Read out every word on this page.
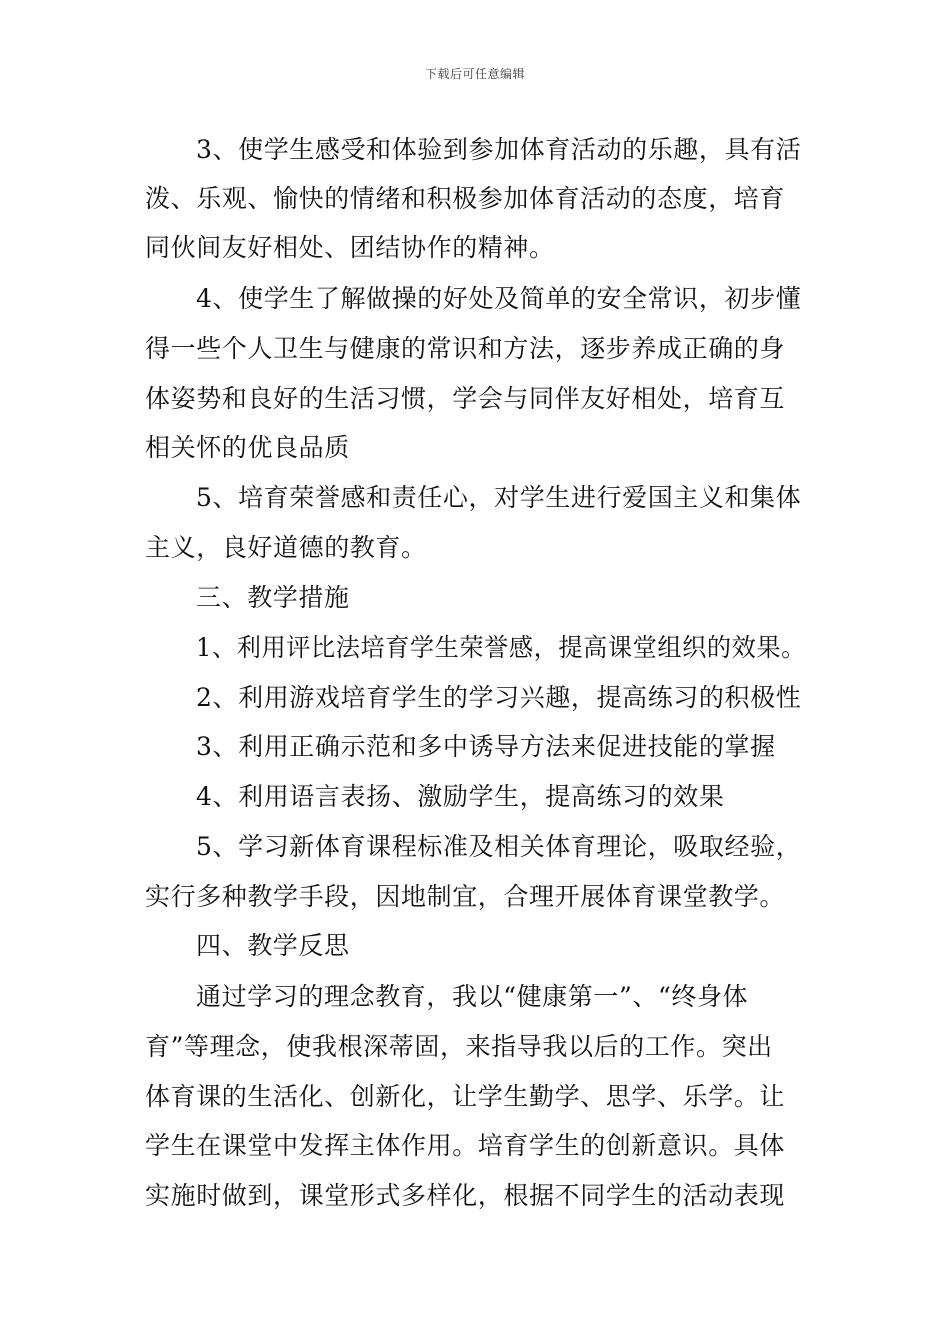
下载后可任意编辑
3、使学生感受和体验到参加体育活动的乐趣，具有活
泼、乐观、愉快的情绪和积极参加体育活动的态度，培育
同伙间友好相处、团结协作的精神。
4、使学生了解做操的好处及简单的安全常识，初步懂
得一些个人卫生与健康的常识和方法，逐步养成正确的身
体姿势和良好的生活习惯，学会与同伴友好相处，培育互
相关怀的优良品质
5、培育荣誉感和责任心，对学生进行爱国主义和集体
主义，良好道德的教育。
三、教学措施
1、利用评比法培育学生荣誉感，提高课堂组织的效果。
2、利用游戏培育学生的学习兴趣，提高练习的积极性
3、利用正确示范和多中诱导方法来促进技能的掌握
4、利用语言表扬、激励学生，提高练习的效果
5、学习新体育课程标准及相关体育理论，吸取经验，
实行多种教学手段，因地制宜，合理开展体育课堂教学。
四、教学反思
通过学习的理念教育，我以“健康第一”、“终身体
育”等理念，使我根深蒂固，来指导我以后的工作。突出
体育课的生活化、创新化，让学生勤学、思学、乐学。让
学生在课堂中发挥主体作用。培育学生的创新意识。具体
实施时做到，课堂形式多样化，根据不同学生的活动表现
